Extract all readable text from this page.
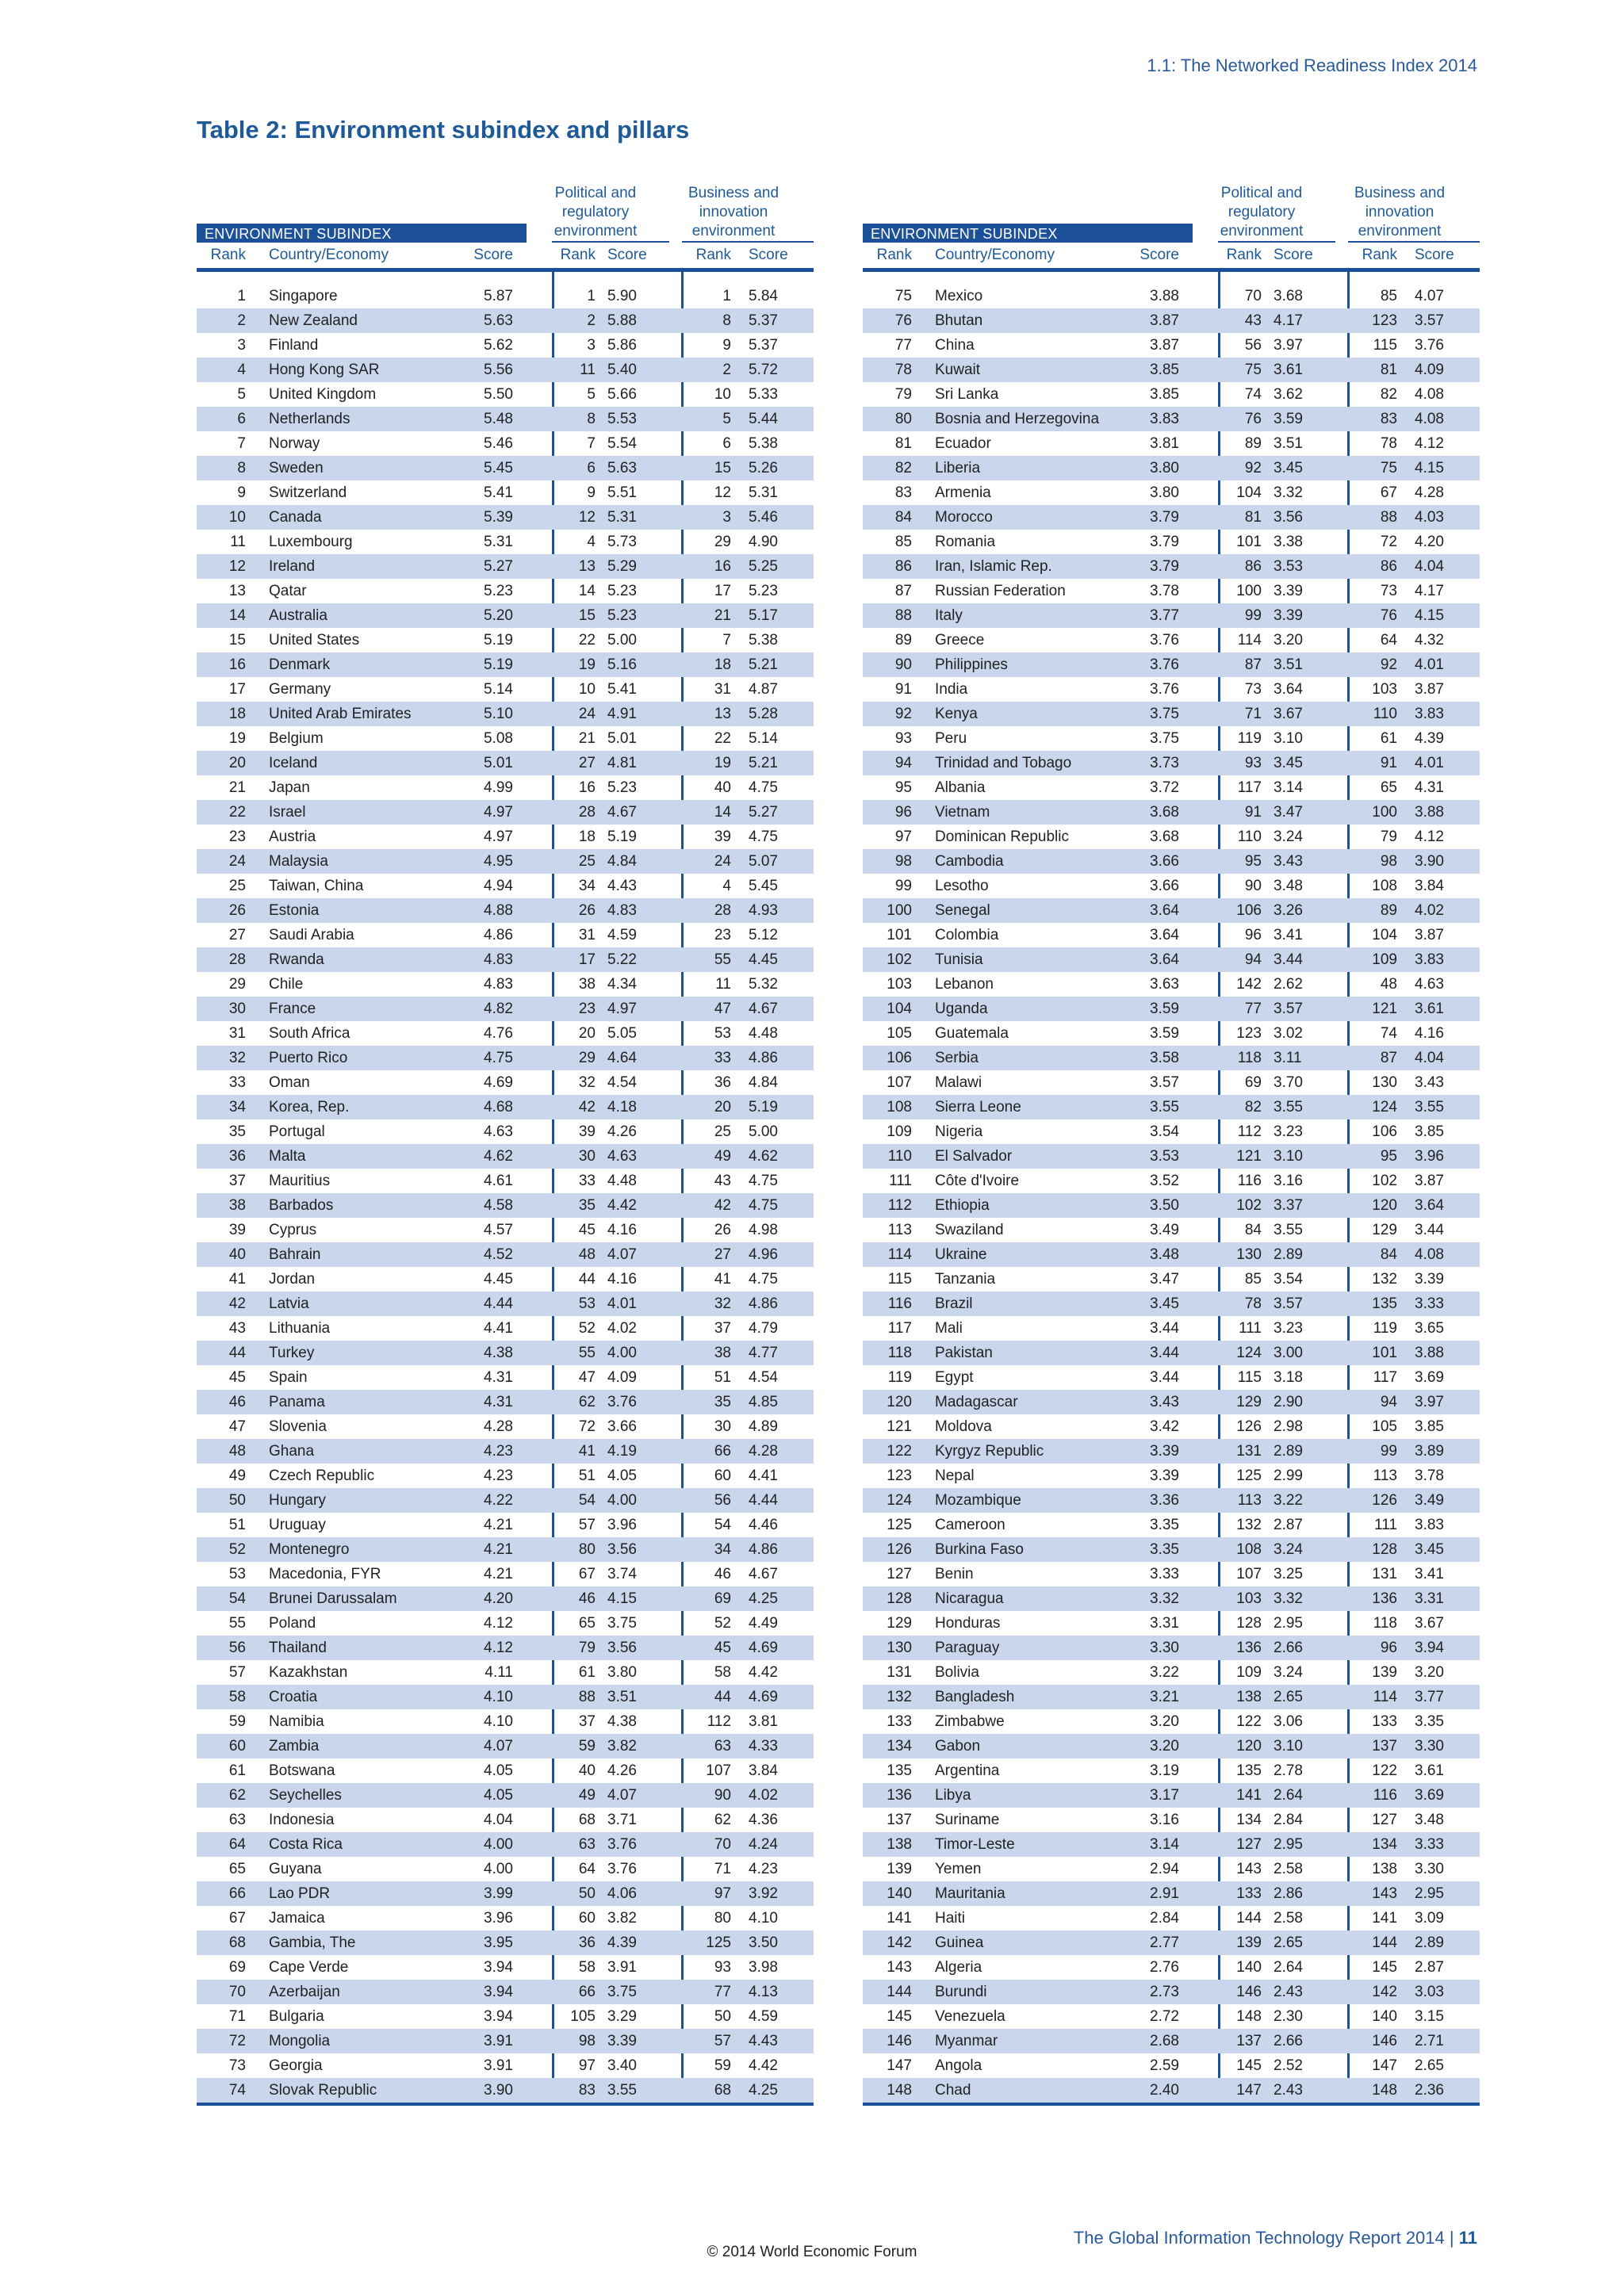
1.1: The Networked Readiness Index 2014
Table 2: Environment subindex and pillars
ENVIRONMENT SUBINDEX
Political and regulatory environment
Business and innovation environment
Rank Country/Economy	Score	Rank Score	Rank Score
1 Singapore	5.87	1 5.90	1 5.84
2 New Zealand	5.63	2 5.88	8 5.37
3 Finland	5.62	3 5.86	9 5.37
4 Hong Kong SAR	5.56	11 5.40	2 5.72
5 United Kingdom	5.50	5 5.66	10 5.33
6 Netherlands	5.48	8 5.53	5 5.44
7 Norway	5.46	7 5.54	6 5.38
8 Sweden	5.45	6 5.63	15 5.26
9 Switzerland	5.41	9 5.51	12 5.31
10 Canada	5.39	12 5.31	3 5.46
11 Luxembourg	5.31	4 5.73	29 4.90
12 Ireland	5.27	13 5.29	16 5.25
13 Qatar	5.23	14 5.23	17 5.23
14 Australia	5.20	15 5.23	21 5.17
15 United States	5.19	22 5.00	7 5.38
16 Denmark	5.19	19 5.16	18 5.21
17 Germany	5.14	10 5.41	31 4.87
18 United Arab Emirates	5.10	24 4.91	13 5.28
19 Belgium	5.08	21 5.01	22 5.14
20 Iceland	5.01	27 4.81	19 5.21
21 Japan	4.99	16 5.23	40 4.75
22 Israel	4.97	28 4.67	14 5.27
23 Austria	4.97	18 5.19	39 4.75
24 Malaysia	4.95	25 4.84	24 5.07
25 Taiwan, China	4.94	34 4.43	4 5.45
26 Estonia	4.88	26 4.83	28 4.93
27 Saudi Arabia	4.86	31 4.59	23 5.12
28 Rwanda	4.83	17 5.22	55 4.45
29 Chile	4.83	38 4.34	11 5.32
30 France	4.82	23 4.97	47 4.67
31 South Africa	4.76	20 5.05	53 4.48
32 Puerto Rico	4.75	29 4.64	33 4.86
33 Oman	4.69	32 4.54	36 4.84
34 Korea, Rep.	4.68	42 4.18	20 5.19
35 Portugal	4.63	39 4.26	25 5.00
36 Malta	4.62	30 4.63	49 4.62
37 Mauritius	4.61	33 4.48	43 4.75
38 Barbados	4.58	35 4.42	42 4.75
39 Cyprus	4.57	45 4.16	26 4.98
40 Bahrain	4.52	48 4.07	27 4.96
41 Jordan	4.45	44 4.16	41 4.75
42 Latvia	4.44	53 4.01	32 4.86
43 Lithuania	4.41	52 4.02	37 4.79
44 Turkey	4.38	55 4.00	38 4.77
45 Spain	4.31	47 4.09	51 4.54
46 Panama	4.31	62 3.76	35 4.85
47 Slovenia	4.28	72 3.66	30 4.89
48 Ghana	4.23	41 4.19	66 4.28
49 Czech Republic	4.23	51 4.05	60 4.41
50 Hungary	4.22	54 4.00	56 4.44
51 Uruguay	4.21	57 3.96	54 4.46
52 Montenegro	4.21	80 3.56	34 4.86
53 Macedonia, FYR	4.21	67 3.74	46 4.67
54 Brunei Darussalam	4.20	46 4.15	69 4.25
55 Poland	4.12	65 3.75	52 4.49
56 Thailand	4.12	79 3.56	45 4.69
57 Kazakhstan	4.11	61 3.80	58 4.42
58 Croatia	4.10	88 3.51	44 4.69
59 Namibia	4.10	37 4.38	112 3.81
60 Zambia	4.07	59 3.82	63 4.33
61 Botswana	4.05	40 4.26	107 3.84
62 Seychelles	4.05	49 4.07	90 4.02
63 Indonesia	4.04	68 3.71	62 4.36
64 Costa Rica	4.00	63 3.76	70 4.24
65 Guyana	4.00	64 3.76	71 4.23
66 Lao PDR	3.99	50 4.06	97 3.92
67 Jamaica	3.96	60 3.82	80 4.10
68 Gambia, The	3.95	36 4.39	125 3.50
69 Cape Verde	3.94	58 3.91	93 3.98
70 Azerbaijan	3.94	66 3.75	77 4.13
71 Bulgaria	3.94	105 3.29	50 4.59
72 Mongolia	3.91	98 3.39	57 4.43
73 Georgia	3.91	97 3.40	59 4.42
74 Slovak Republic	3.90	83 3.55	68 4.25
ENVIRONMENT SUBINDEX
Political and regulatory environment
Business and innovation environment
Rank Country/Economy	Score	Rank Score	Rank Score
75 Mexico	3.88	70 3.68	85 4.07
76 Bhutan	3.87	43 4.17	123 3.57
77 China	3.87	56 3.97	115 3.76
78 Kuwait	3.85	75 3.61	81 4.09
79 Sri Lanka	3.85	74 3.62	82 4.08
80 Bosnia and Herzegovina	3.83	76 3.59	83 4.08
81 Ecuador	3.81	89 3.51	78 4.12
82 Liberia	3.80	92 3.45	75 4.15
83 Armenia	3.80	104 3.32	67 4.28
84 Morocco	3.79	81 3.56	88 4.03
85 Romania	3.79	101 3.38	72 4.20
86 Iran, Islamic Rep.	3.79	86 3.53	86 4.04
87 Russian Federation	3.78	100 3.39	73 4.17
88 Italy	3.77	99 3.39	76 4.15
89 Greece	3.76	114 3.20	64 4.32
90 Philippines	3.76	87 3.51	92 4.01
91 India	3.76	73 3.64	103 3.87
92 Kenya	3.75	71 3.67	110 3.83
93 Peru	3.75	119 3.10	61 4.39
94 Trinidad and Tobago	3.73	93 3.45	91 4.01
95 Albania	3.72	117 3.14	65 4.31
96 Vietnam	3.68	91 3.47	100 3.88
97 Dominican Republic	3.68	110 3.24	79 4.12
98 Cambodia	3.66	95 3.43	98 3.90
99 Lesotho	3.66	90 3.48	108 3.84
100 Senegal	3.64	106 3.26	89 4.02
101 Colombia	3.64	96 3.41	104 3.87
102 Tunisia	3.64	94 3.44	109 3.83
103 Lebanon	3.63	142 2.62	48 4.63
104 Uganda	3.59	77 3.57	121 3.61
105 Guatemala	3.59	123 3.02	74 4.16
106 Serbia	3.58	118 3.11	87 4.04
107 Malawi	3.57	69 3.70	130 3.43
108 Sierra Leone	3.55	82 3.55	124 3.55
109 Nigeria	3.54	112 3.23	106 3.85
110 El Salvador	3.53	121 3.10	95 3.96
111 Côte d'Ivoire	3.52	116 3.16	102 3.87
112 Ethiopia	3.50	102 3.37	120 3.64
113 Swaziland	3.49	84 3.55	129 3.44
114 Ukraine	3.48	130 2.89	84 4.08
115 Tanzania	3.47	85 3.54	132 3.39
116 Brazil	3.45	78 3.57	135 3.33
117 Mali	3.44	111 3.23	119 3.65
118 Pakistan	3.44	124 3.00	101 3.88
119 Egypt	3.44	115 3.18	117 3.69
120 Madagascar	3.43	129 2.90	94 3.97
121 Moldova	3.42	126 2.98	105 3.85
122 Kyrgyz Republic	3.39	131 2.89	99 3.89
123 Nepal	3.39	125 2.99	113 3.78
124 Mozambique	3.36	113 3.22	126 3.49
125 Cameroon	3.35	132 2.87	111 3.83
126 Burkina Faso	3.35	108 3.24	128 3.45
127 Benin	3.33	107 3.25	131 3.41
128 Nicaragua	3.32	103 3.32	136 3.31
129 Honduras	3.31	128 2.95	118 3.67
130 Paraguay	3.30	136 2.66	96 3.94
131 Bolivia	3.22	109 3.24	139 3.20
132 Bangladesh	3.21	138 2.65	114 3.77
133 Zimbabwe	3.20	122 3.06	133 3.35
134 Gabon	3.20	120 3.10	137 3.30
135 Argentina	3.19	135 2.78	122 3.61
136 Libya	3.17	141 2.64	116 3.69
137 Suriname	3.16	134 2.84	127 3.48
138 Timor-Leste	3.14	127 2.95	134 3.33
139 Yemen	2.94	143 2.58	138 3.30
140 Mauritania	2.91	133 2.86	143 2.95
141 Haiti	2.84	144 2.58	141 3.09
142 Guinea	2.77	139 2.65	144 2.89
143 Algeria	2.76	140 2.64	145 2.87
144 Burundi	2.73	146 2.43	142 3.03
145 Venezuela	2.72	148 2.30	140 3.15
146 Myanmar	2.68	137 2.66	146 2.71
147 Angola	2.59	145 2.52	147 2.65
148 Chad	2.40	147 2.43	148 2.36
The Global Information Technology Report 2014 | 11
© 2014 World Economic Forum
